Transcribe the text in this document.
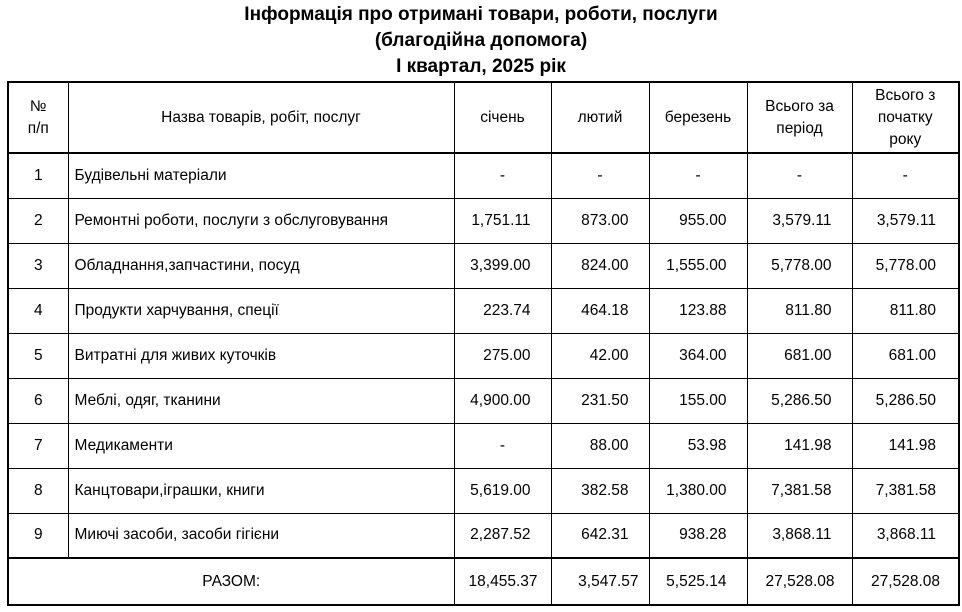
Інформація про отримані товари, роботи, послуги
(благодійна допомога)
І квартал, 2025 рік
№ п/п	Назва товарів, робіт, послуг	січень	лютий	березень	Всього за період	Всього з початку року
1	Будівельні матеріали	-	-	-	-	-
2	Ремонтні роботи, послуги з обслуговування	1,751.11	873.00	955.00	3,579.11	3,579.11
3	Обладнання,запчастини, посуд	3,399.00	824.00	1,555.00	5,778.00	5,778.00
4	Продукти харчування, спеції	223.74	464.18	123.88	811.80	811.80
5	Витратні для живих куточків	275.00	42.00	364.00	681.00	681.00
6	Меблі, одяг, тканини	4,900.00	231.50	155.00	5,286.50	5,286.50
7	Медикаменти	-	88.00	53.98	141.98	141.98
8	Канцтовари,іграшки, книги	5,619.00	382.58	1,380.00	7,381.58	7,381.58
9	Миючі засоби, засоби гігієни	2,287.52	642.31	938.28	3,868.11	3,868.11
РАЗОМ:		18,455.37	3,547.57	5,525.14	27,528.08	27,528.08
